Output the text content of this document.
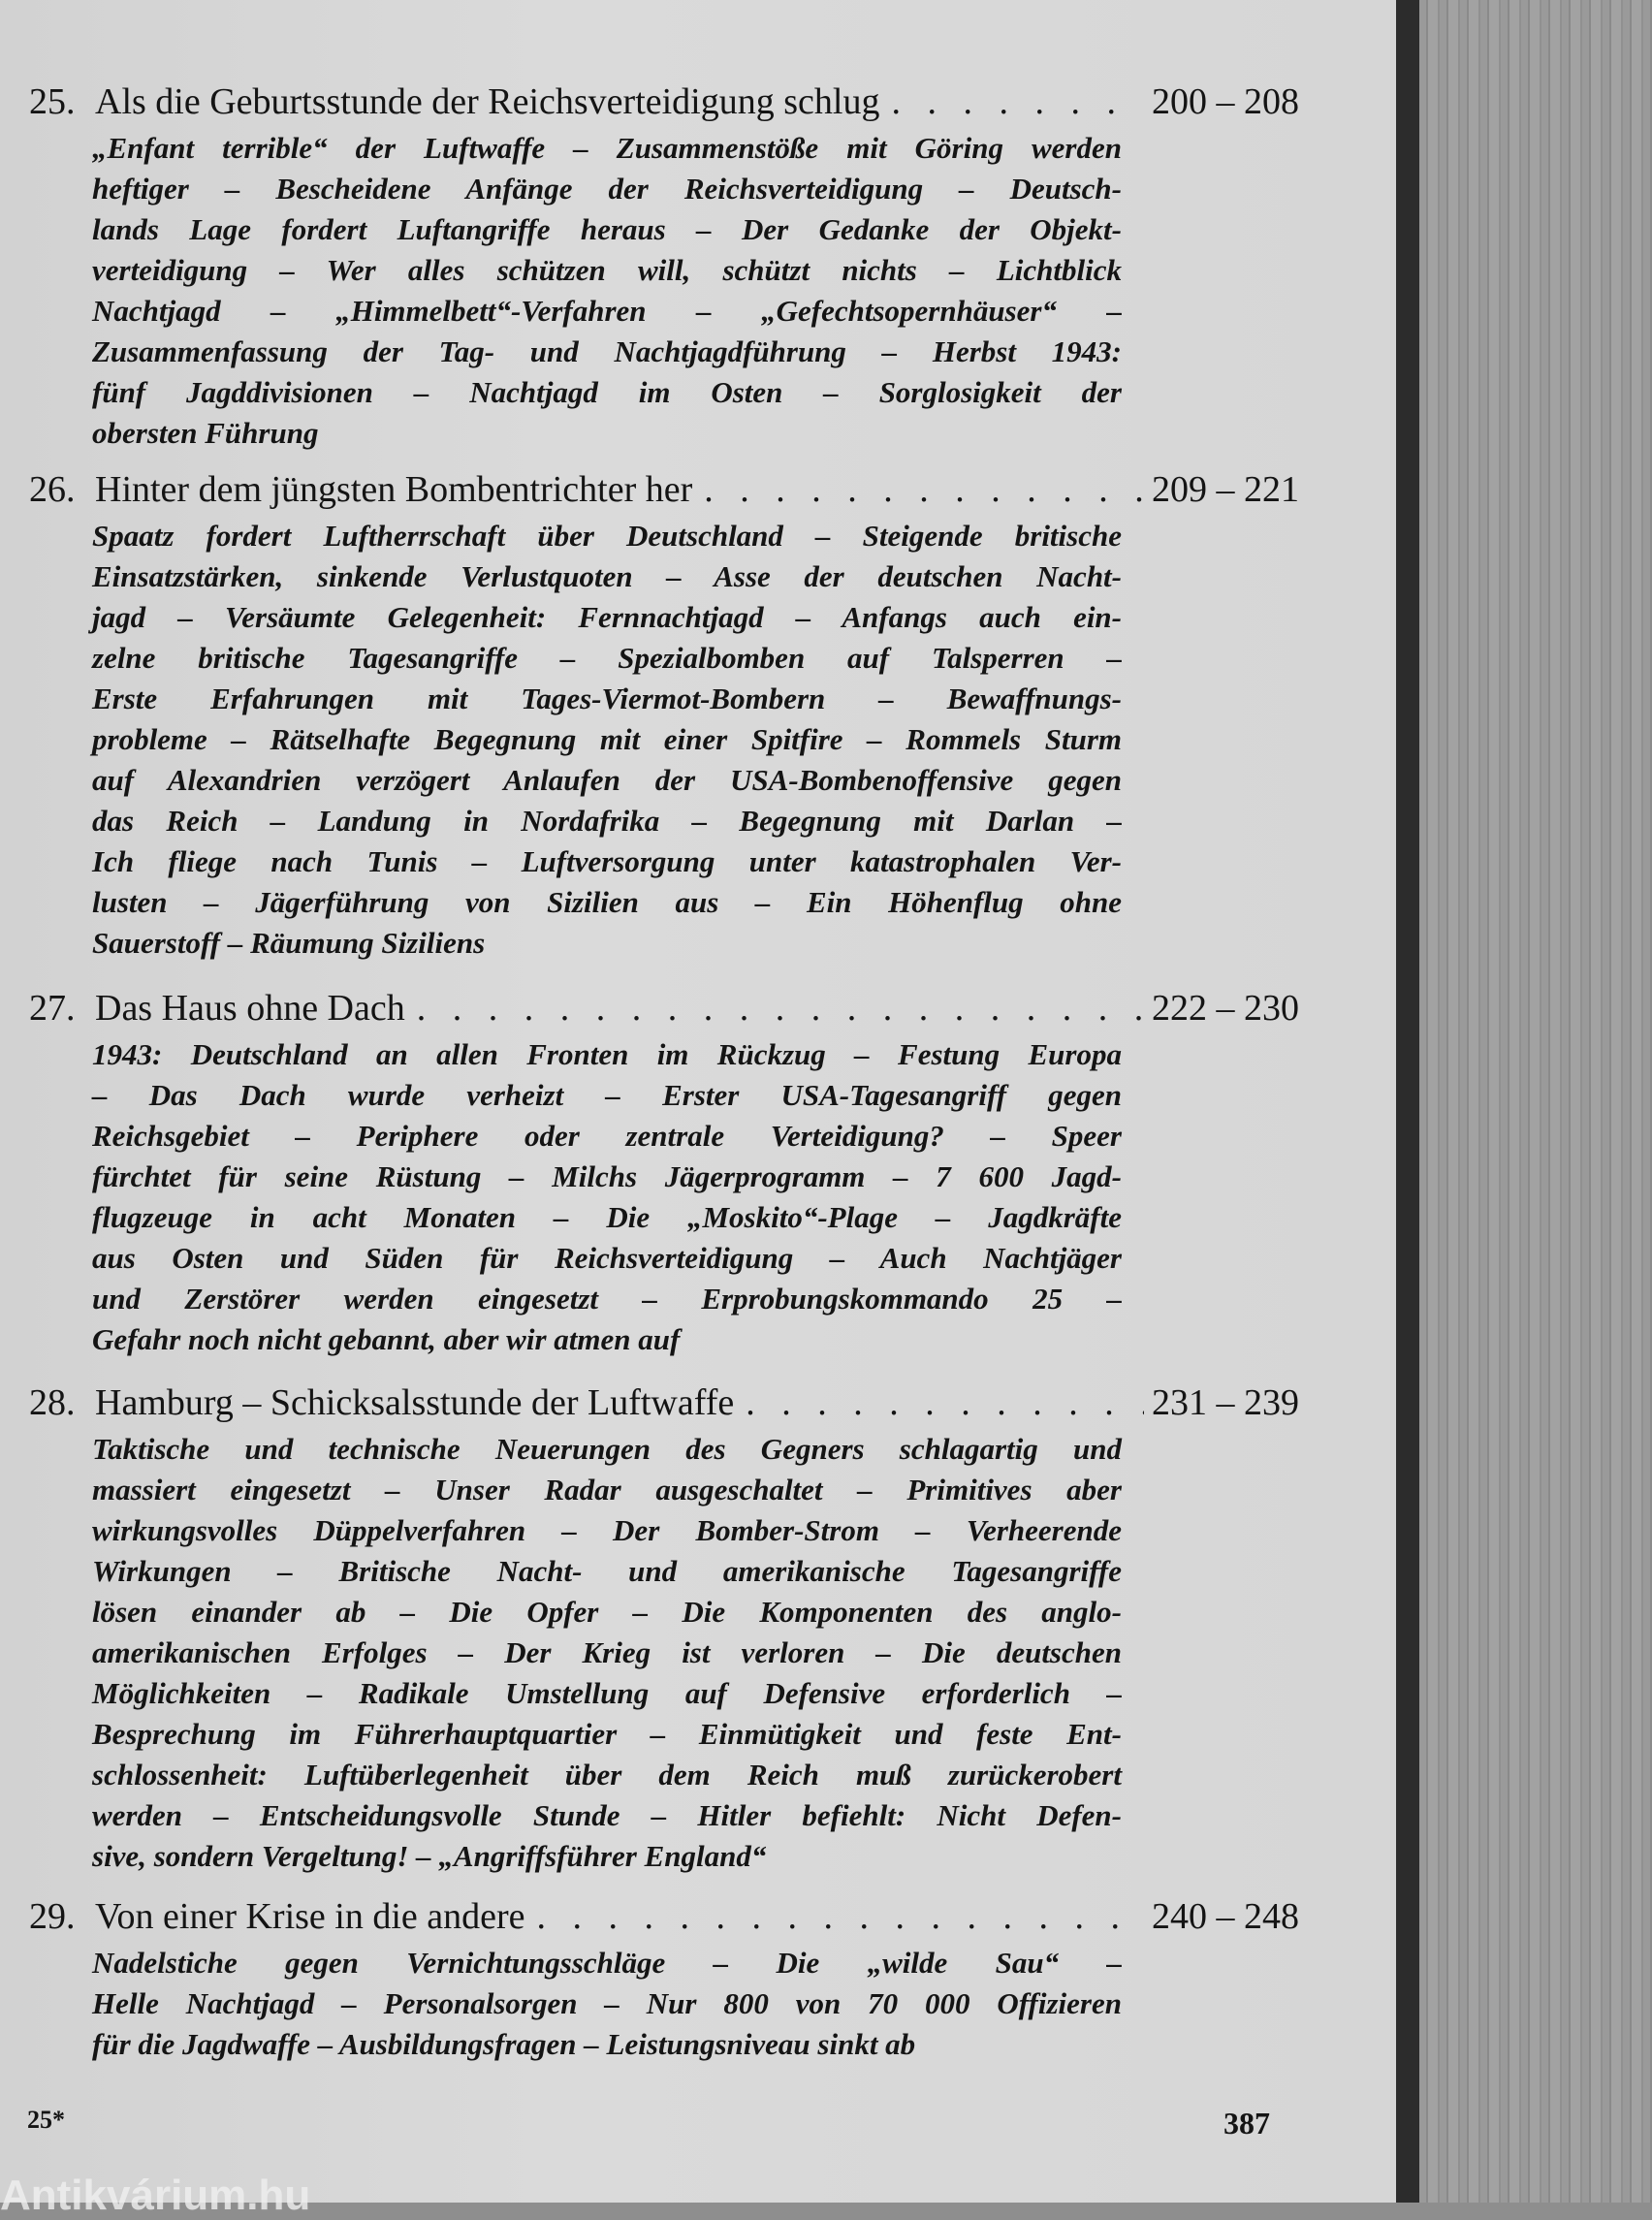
25. Als die Geburtsstunde der Reichsverteidigung schlug . . .	200 – 208
„Enfant terrible“ der Luftwaffe – Zusammenstöße mit Göring werden
heftiger – Bescheidene Anfänge der Reichsverteidigung – Deutsch-
lands Lage fordert Luftangriffe heraus – Der Gedanke der Objekt-
verteidigung – Wer alles schützen will, schützt nichts – Lichtblick
Nachtjagd – „Himmelbett“-Verfahren – „Gefechtsopernhäuser“ –
Zusammenfassung der Tag- und Nachtjagdführung – Herbst 1943:
fünf Jagddivisionen – Nachtjagd im Osten – Sorglosigkeit der
obersten Führung
26. Hinter dem jüngsten Bombentrichter her . . .	209 – 221
Spaatz fordert Luftherrschaft über Deutschland – Steigende britische
Einsatzstärken, sinkende Verlustquoten – Asse der deutschen Nacht-
jagd – Versäumte Gelegenheit: Fernnachtjagd – Anfangs auch ein-
zelne britische Tagesangriffe – Spezialbomben auf Talsperren –
Erste Erfahrungen mit Tages-Viermot-Bombern – Bewaffnungs-
probleme – Rätselhafte Begegnung mit einer Spitfire – Rommels Sturm
auf Alexandrien verzögert Anlaufen der USA-Bombenoffensive gegen
das Reich – Landung in Nordafrika – Begegnung mit Darlan –
Ich fliege nach Tunis – Luftversorgung unter katastrophalen Ver-
lusten – Jägerführung von Sizilien aus – Ein Höhenflug ohne
Sauerstoff – Räumung Siziliens
27. Das Haus ohne Dach . . .	222 – 230
1943: Deutschland an allen Fronten im Rückzug – Festung Europa
– Das Dach wurde verheizt – Erster USA-Tagesangriff gegen
Reichsgebiet – Periphere oder zentrale Verteidigung? – Speer
fürchtet für seine Rüstung – Milchs Jägerprogramm – 7 600 Jagd-
flugzeuge in acht Monaten – Die „Moskito“-Plage – Jagdkräfte
aus Osten und Süden für Reichsverteidigung – Auch Nachtjäger
und Zerstörer werden eingesetzt – Erprobungskommando 25 –
Gefahr noch nicht gebannt, aber wir atmen auf
28. Hamburg – Schicksalsstunde der Luftwaffe . . .	231 – 239
Taktische und technische Neuerungen des Gegners schlagartig und
massiert eingesetzt – Unser Radar ausgeschaltet – Primitives aber
wirkungsvolles Düppelverfahren – Der Bomber-Strom – Verheerende
Wirkungen – Britische Nacht- und amerikanische Tagesangriffe
lösen einander ab – Die Opfer – Die Komponenten des anglo-
amerikanischen Erfolges – Der Krieg ist verloren – Die deutschen
Möglichkeiten – Radikale Umstellung auf Defensive erforderlich –
Besprechung im Führerhauptquartier – Einmütigkeit und feste Ent-
schlossenheit: Luftüberlegenheit über dem Reich muß zurückerobert
werden – Entscheidungsvolle Stunde – Hitler befiehlt: Nicht Defen-
sive, sondern Vergeltung! – „Angriffsführer England“
29. Von einer Krise in die andere . . .	240 – 248
Nadelstiche gegen Vernichtungsschläge – Die „wilde Sau“ –
Helle Nachtjagd – Personalsorgen – Nur 800 von 70 000 Offizieren
für die Jagdwaffe – Ausbildungsfragen – Leistungsniveau sinkt ab
25*	387
Antikvárium.hu
